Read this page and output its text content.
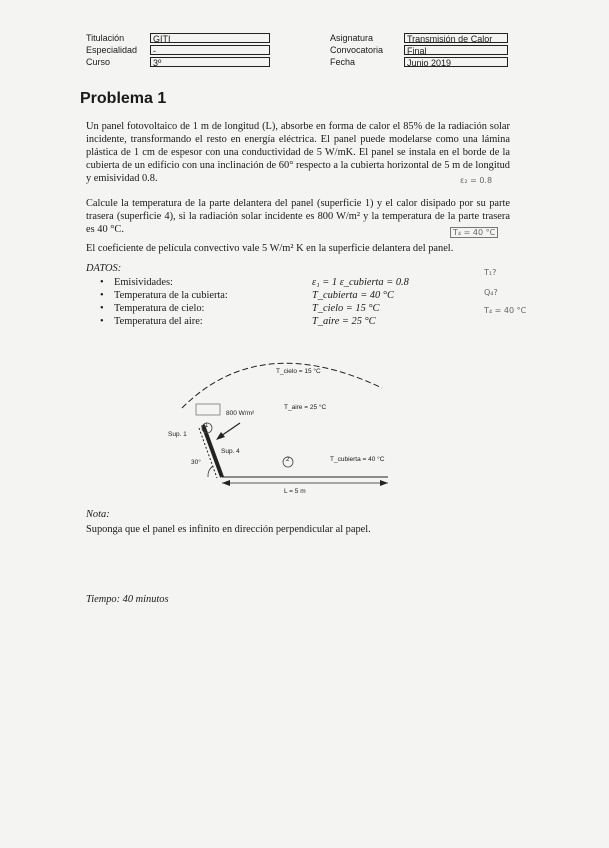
Titulación	GITI
Especialidad	-
Curso	3º
Asignatura	Transmisión de Calor
Convocatoria	Final
Fecha	Junio 2019
Problema 1
Un panel fotovoltaico de 1 m de longitud (L), absorbe en forma de calor el 85% de la radiación solar incidente, transformando el resto en energía eléctrica. El panel puede modelarse como una lámina plástica de 1 cm de espesor con una conductividad de 5 W/mK. El panel se instala en el borde de la cubierta de un edificio con una inclinación de 60° respecto a la cubierta horizontal de 5 m de longitud y emisividad 0.8.
Calcule la temperatura de la parte delantera del panel (superficie 1) y el calor disipado por su parte trasera (superficie 4), si la radiación solar incidente es 800 W/m² y la temperatura de la parte trasera es 40 °C.
El coeficiente de película convectivo vale 5 W/m² K en la superficie delantera del panel.
DATOS:
• Emisividades:	ε₁ = 1 ε_cubierta = 0.8
• Temperatura de la cubierta:	T_cubierta = 40 °C
• Temperatura de cielo:	T_cielo = 15 °C
• Temperatura del aire:	T_aire = 25 °C
ε₂ = 0.8
T₁?
Q₄?
T₄ = 40 °C
T₄ = 40 °C
T_cielo = 15 °C
T_aire = 25 °C
800 W/m²
Sup. 1
Sup. 4
30°
1
2	T_cubierta = 40 °C
L = 5 m
Nota:
Suponga que el panel es infinito en dirección perpendicular al papel.
Tiempo: 40 minutos
